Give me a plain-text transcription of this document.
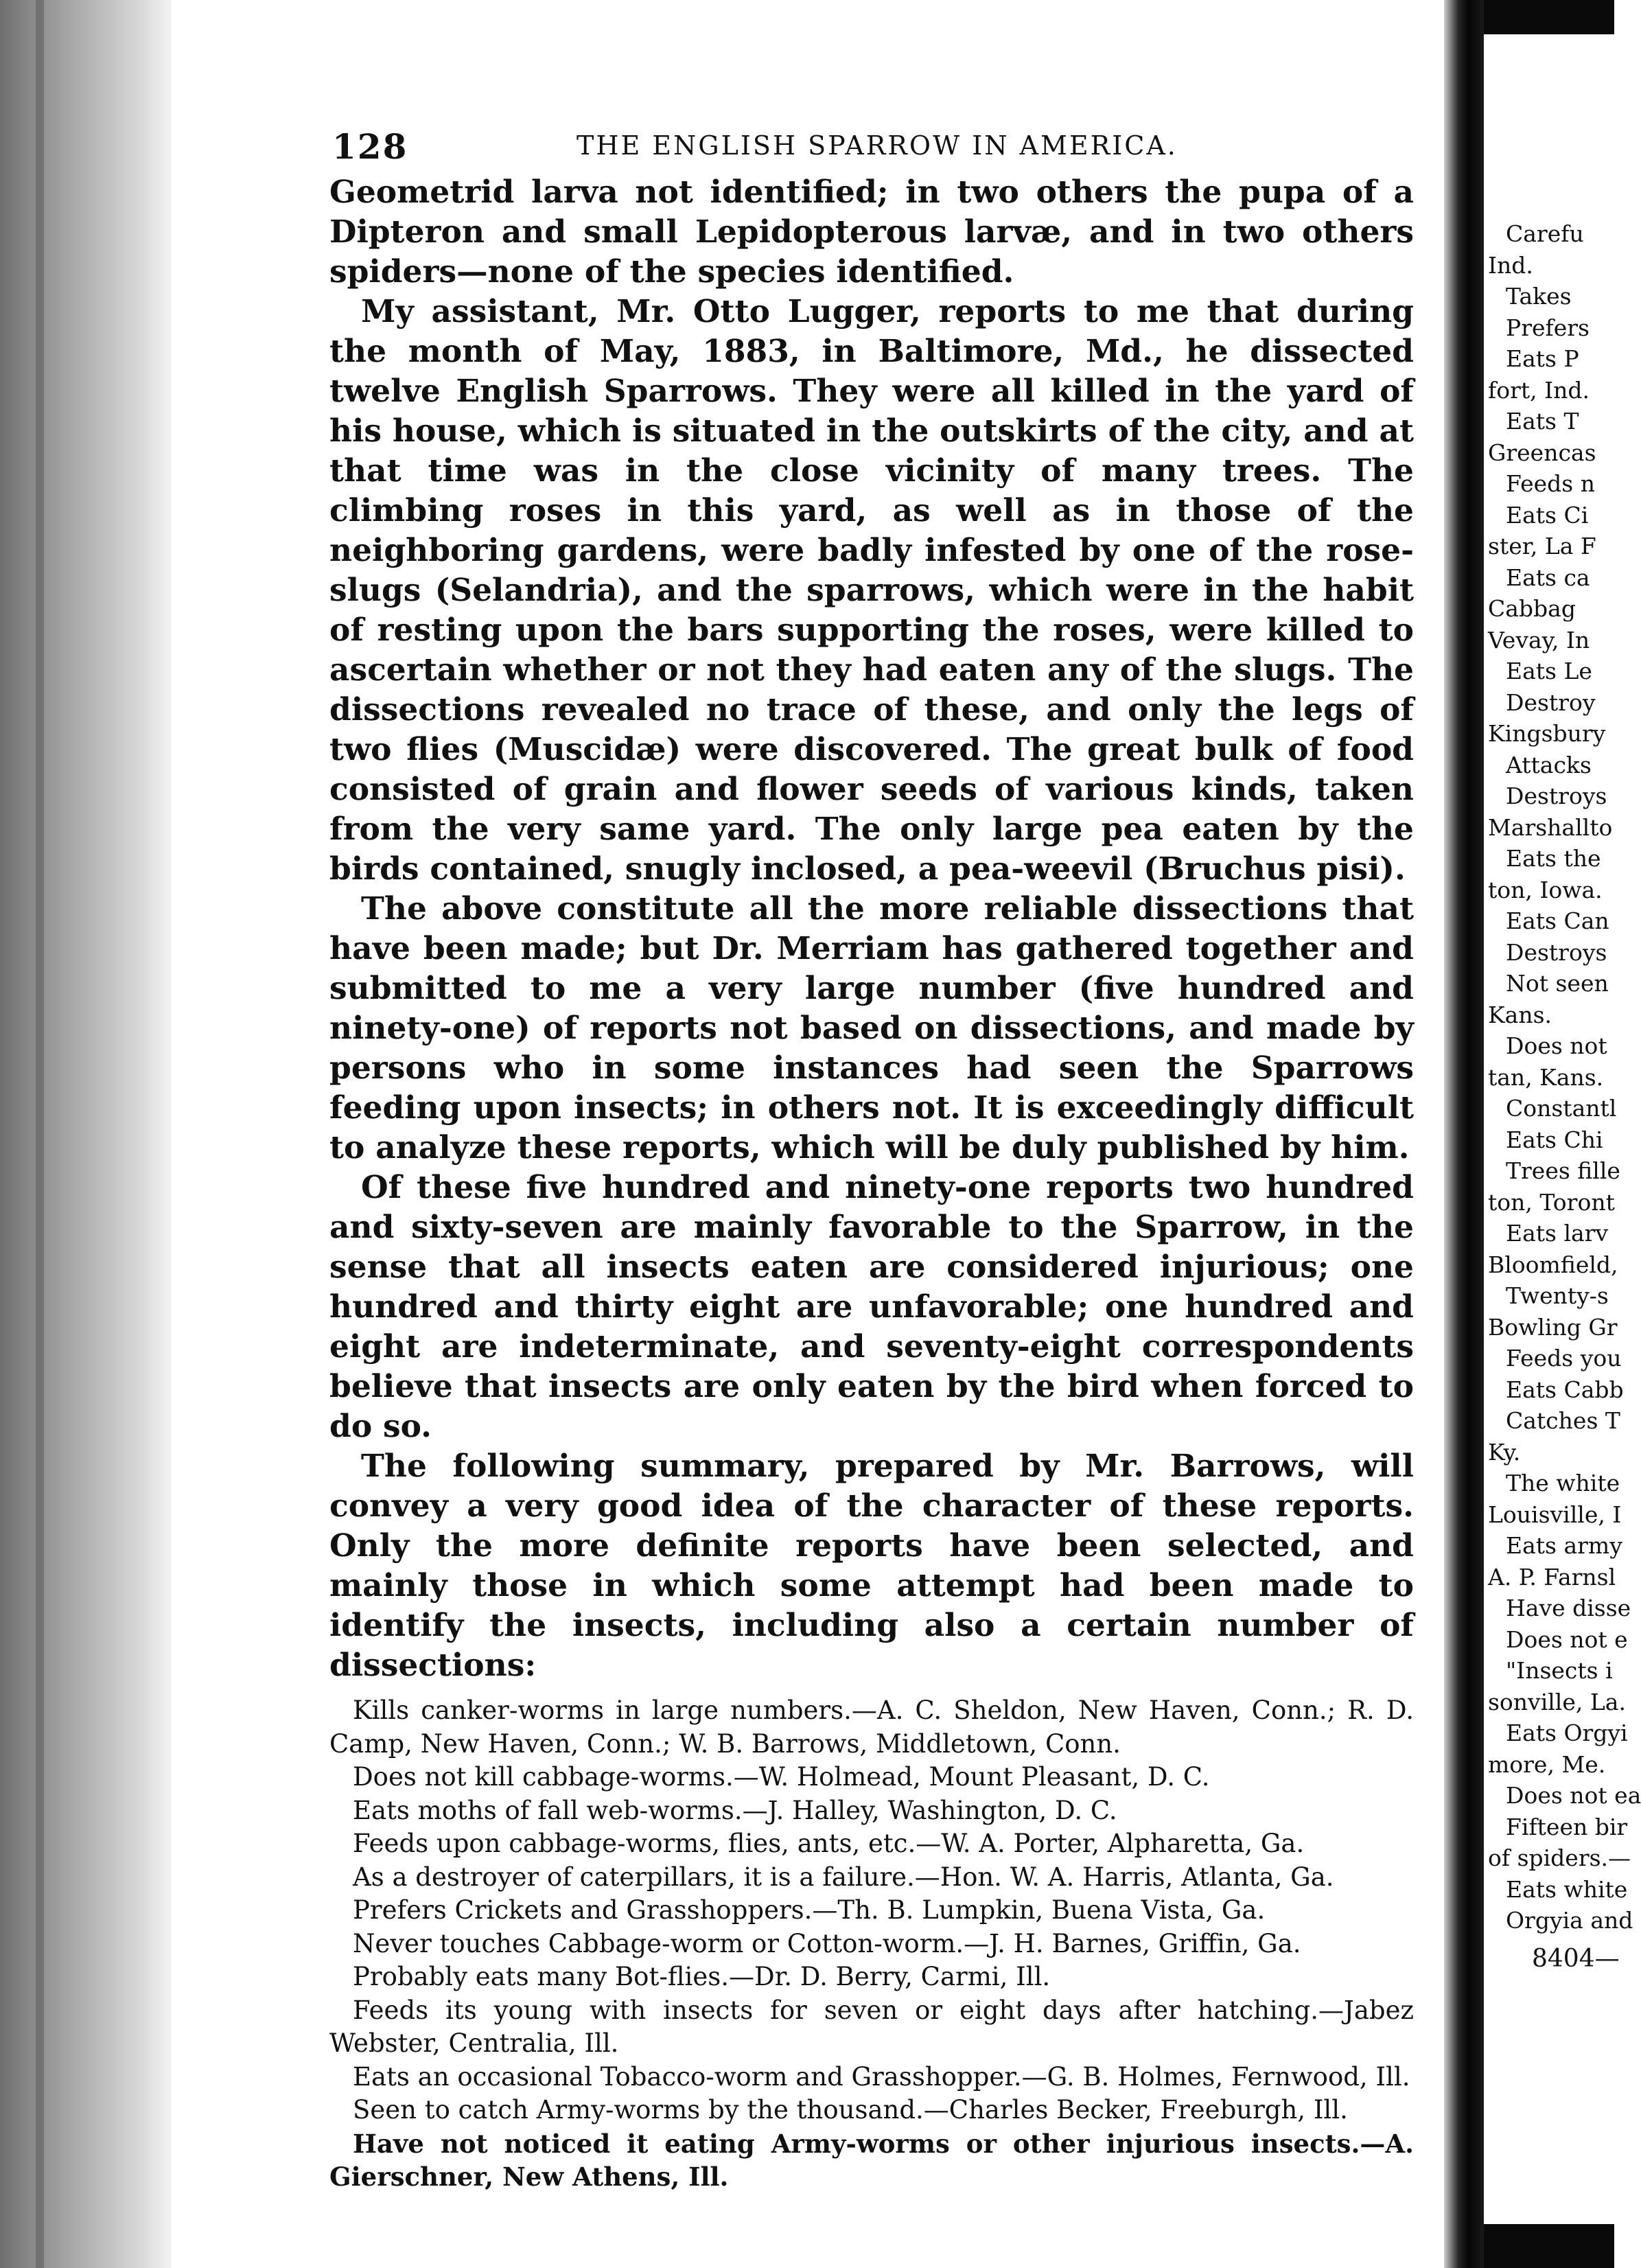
128	THE ENGLISH SPARROW IN AMERICA.

Geometrid larva not identified; in two others the pupa of a Dipteron and small Lepidopterous larvæ, and in two others spiders—none of the species identified.

My assistant, Mr. Otto Lugger, reports to me that during the month of May, 1883, in Baltimore, Md., he dissected twelve English Sparrows. They were all killed in the yard of his house, which is situated in the outskirts of the city, and at that time was in the close vicinity of many trees. The climbing roses in this yard, as well as in those of the neighboring gardens, were badly infested by one of the rose-slugs (Selandria), and the sparrows, which were in the habit of resting upon the bars supporting the roses, were killed to ascertain whether or not they had eaten any of the slugs. The dissections revealed no trace of these, and only the legs of two flies (Muscidæ) were discovered. The great bulk of food consisted of grain and flower seeds of various kinds, taken from the very same yard. The only large pea eaten by the birds contained, snugly inclosed, a pea-weevil (Bruchus pisi).

The above constitute all the more reliable dissections that have been made; but Dr. Merriam has gathered together and submitted to me a very large number (five hundred and ninety-one) of reports not based on dissections, and made by persons who in some instances had seen the Sparrows feeding upon insects; in others not. It is exceedingly difficult to analyze these reports, which will be duly published by him.

Of these five hundred and ninety-one reports two hundred and sixty-seven are mainly favorable to the Sparrow, in the sense that all insects eaten are considered injurious; one hundred and thirty eight are unfavorable; one hundred and eight are indeterminate, and seventy-eight correspondents believe that insects are only eaten by the bird when forced to do so.

The following summary, prepared by Mr. Barrows, will convey a very good idea of the character of these reports. Only the more definite reports have been selected, and mainly those in which some attempt had been made to identify the insects, including also a certain number of dissections:

Kills canker-worms in large numbers.—A. C. Sheldon, New Haven, Conn.; R. D. Camp, New Haven, Conn.; W. B. Barrows, Middletown, Conn.

Does not kill cabbage-worms.—W. Holmead, Mount Pleasant, D. C.

Eats moths of fall web-worms.—J. Halley, Washington, D. C.

Feeds upon cabbage-worms, flies, ants, etc.—W. A. Porter, Alpharetta, Ga.

As a destroyer of caterpillars, it is a failure.—Hon. W. A. Harris, Atlanta, Ga.

Prefers Crickets and Grasshoppers.—Th. B. Lumpkin, Buena Vista, Ga.

Never touches Cabbage-worm or Cotton-worm.—J. H. Barnes, Griffin, Ga.

Probably eats many Bot-flies.—Dr. D. Berry, Carmi, Ill.

Feeds its young with insects for seven or eight days after hatching.—Jabez Webster, Centralia, Ill.

Eats an occasional Tobacco-worm and Grasshopper.—G. B. Holmes, Fernwood, Ill.

Seen to catch Army-worms by the thousand.—Charles Becker, Freeburgh, Ill.

Have not noticed it eating Army-worms or other injurious insects.—A. Gierschner, New Athens, Ill.

Carefu
Ind.
Takes
Prefers
Eats P
fort, Ind.
Eats T
Greencas
Feeds n
Eats Ci
ster, La F
Eats ca
Cabbag
Vevay, In
Eats Le
Destroy
Kingsbury
Attacks
Destroys
Marshallto
Eats the
ton, Iowa.
Eats Can
Destroys
Not seen
Kans.
Does not
tan, Kans.
Constantl
Eats Chi
Trees fille
ton, Toront
Eats larv
Bloomfield,
Twenty-s
Bowling Gr
Feeds you
Eats Cabb
Catches T
Ky.
The white
Louisville, I
Eats army
A. P. Farnsl
Have disse
Does not e
"Insects i
sonville, La.
Eats Orgyi
more, Me.
Does not ea
Fifteen bir
of spiders.—
Eats white
Orgyia and
8404—
